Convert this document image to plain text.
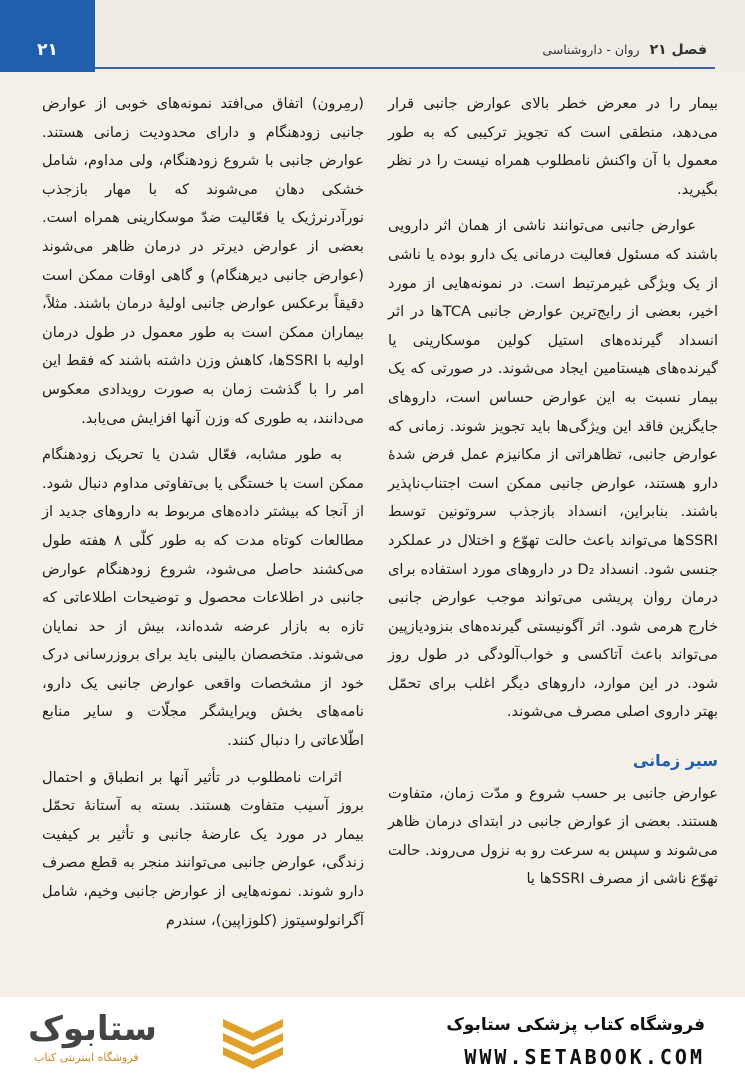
۲۱	فصل ۲۱ روان - داروشناسی

بیمار را در معرض خطر بالای عوارض جانبی قرار می‌دهد، منطقی است که تجویز ترکیبی که به طور معمول با آن واکنش نامطلوب همراه نیست را در نظر بگیرید.

عوارض جانبی می‌توانند ناشی از همان اثر دارویی باشند که مسئول فعالیت درمانی یک دارو بوده یا ناشی از یک ویژگی غیرمرتبط است. در نمونه‌هایی از مورد اخیر، بعضی از رایج‌ترین عوارض جانبی TCAها در اثر انسداد گیرنده‌های استیل کولین موسکارینی یا گیرنده‌های هیستامین ایجاد می‌شوند. در صورتی که یک بیمار نسبت به این عوارض حساس است، داروهای جایگزین فاقد این ویژگی‌ها باید تجویز شوند. زمانی که عوارض جانبی، تظاهراتی از مکانیزم عمل فرض شدهٔ دارو هستند، عوارض جانبی ممکن است اجتناب‌ناپذیر باشند. بنابراین، انسداد بازجذب سروتونین توسط SSRIها می‌تواند باعث حالت تهوّع و اختلال در عملکرد جنسی شود. انسداد D₂ در داروهای مورد استفاده برای درمان روان پریشی می‌تواند موجب عوارض جانبی خارج هرمی شود. اثر آگونیستی گیرنده‌های بنزودیازپین می‌تواند باعث آتاکسی و خواب‌آلودگی در طول روز شود. در این موارد، داروهای دیگر اغلب برای تحمّل بهتر داروی اصلی مصرف می‌شوند.

سیر زمانی

عوارض جانبی بر حسب شروع و مدّت زمان، متفاوت هستند. بعضی از عوارض جانبی در ابتدای درمان ظاهر می‌شوند و سپس به سرعت رو به نزول می‌روند. حالت تهوّع ناشی از مصرف SSRIها یا

(رمِرون) اتفاق می‌افتد نمونه‌های خوبی از عوارض جانبی زودهنگام و دارای محدودیت زمانی هستند. عوارض جانبی با شروع زودهنگام، ولی مداوم، شامل خشکی دهان می‌شوند که با مهار بازجذب نورآدرنرژیک یا فعّالیت ضدّ موسکارینی همراه است. بعضی از عوارض دیرتر در درمان ظاهر می‌شوند (عوارض جانبی دیرهنگام) و گاهی اوقات ممکن است دقیقاً برعکس عوارض جانبی اولیهٔ درمان باشند. مثلاً، بیماران ممکن است به طور معمول در طول درمان اولیه با SSRIها، کاهش وزن داشته باشند که فقط این امر را با گذشت زمان به صورت رویدادی معکوس می‌دانند، به طوری که وزن آنها افزایش می‌یابد.

به طور مشابه، فعّال شدن یا تحریک زودهنگام ممکن است با خستگی یا بی‌تفاوتی مداوم دنبال شود. از آنجا که بیشتر داده‌های مربوط به داروهای جدید از مطالعات کوتاه مدت که به طور کلّی ۸ هفته طول می‌کشند حاصل می‌شود، شروع زودهنگام عوارض جانبی در اطلاعات محصول و توضیحات اطلاعاتی که تازه به بازار عرضه شده‌اند، بیش از حد نمایان می‌شوند. متخصصان بالینی باید برای بروزرسانی درک خود از مشخصات واقعی عوارض جانبی یک دارو، نامه‌های بخش ویرایشگر مجلّات و سایر منابع اطّلاعاتی را دنبال کنند.

اثرات نامطلوب در تأثیر آنها بر انطباق و احتمال بروز آسیب متفاوت هستند. بسته به آستانهٔ تحمّل بیمار در مورد یک عارضهٔ جانبی و تأثیر بر کیفیت زندگی، عوارض جانبی می‌توانند منجر به قطع مصرف دارو شوند. نمونه‌هایی از عوارض جانبی وخیم، شامل آگرانولوسیتوز (کلوزاپین)، سندرم

ستابوک
فروشگاه اینترنتی کتاب
فروشگاه کتاب پزشکی ستابوک
WWW.SETABOOK.COM
